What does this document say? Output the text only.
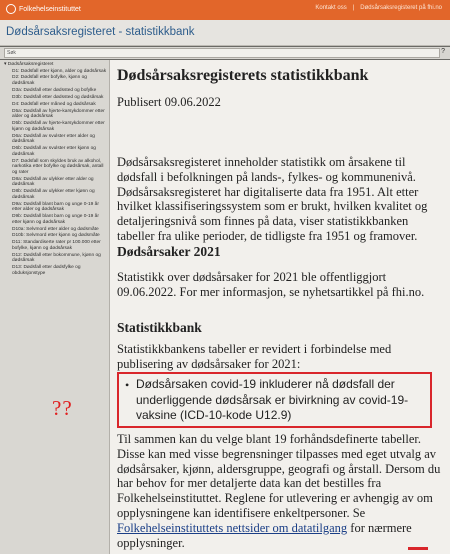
Folkehelseinstituttet	Kontakt oss | Dødsårsaksregisteret på fhi.no
Dødsårsaksregisteret - statistikkbank
Søk
?
▾ Dødsårsaksregisteret
D1: Dødsfall etter kjønn, alder og dødsårsak
D2: Dødsfall etter bofylke, kjønn og dødsårsak
D3a: Dødsfall etter dødssted og bofylke
D3b: Dødsfall etter dødssted og dødsårsak
D4: Dødsfall etter måned og dødsårsak
D5a: Dødsfall av hjerte-karsykdommer etter alder og dødsårsak
D5b: Dødsfall av hjerte-karsykdommer etter kjønn og dødsårsak
D6a: Dødsfall av svulster etter alder og dødsårsak
D6b: Dødsfall av svulster etter kjønn og dødsårsak
D7: Dødsfall som skyldes bruk av alkohol, narkotika etter bofylke og dødsårsak, antall og rater
D8a: Dødsfall av ulykker etter alder og dødsårsak
D8b: Dødsfall av ulykker etter kjønn og dødsårsak
D9a: Dødsfall blant barn og unge 0-19 år etter alder og dødsårsak
D9b: Dødsfall blant barn og unge 0-19 år etter kjønn og dødsårsak
D10a: Selvmord etter alder og dødsmåte
D10b: Selvmord etter kjønn og dødsmåte
D11: Standardiserte rater pr 100.000 etter bofylke, kjønn og dødsårsak
D12: Dødsfall etter bokommune, kjønn og dødsårsak
D13: Dødsfall etter dødsfylke og obduksjonstype
??
Dødsårsaksregisterets statistikkbank
Publisert 09.06.2022
Dødsårsaksregisteret inneholder statistikk om årsakene til dødsfall i befolkningen på lands-, fylkes- og kommunenivå. Dødsårsaksregisteret har digitaliserte data fra 1951. Alt etter hvilket klassifiseringssystem som er brukt, hvilken kvalitet og detaljeringsnivå som finnes på data, viser statistikkbanken tabeller fra ulike perioder, de tidligste fra 1951 og framover.
Dødsårsaker 2021
Statistikk over dødsårsaker for 2021 ble offentliggjort 09.06.2022. For mer informasjon, se nyhetsartikkel på fhi.no.
Statistikkbank
Statistikkbankens tabeller er revidert i forbindelse med publisering av dødsårsaker for 2021:
• Dødsårsaken covid-19 inkluderer nå dødsfall der underliggende dødsårsak er bivirkning av covid-19-vaksine (ICD-10-kode U12.9)
Til sammen kan du velge blant 19 forhåndsdefinerte tabeller. Disse kan med visse begrensninger tilpasses med eget utvalg av dødsårsaker, kjønn, aldersgruppe, geografi og årstall. Dersom du har behov for mer detaljerte data kan det bestilles fra Folkehelseinstituttet. Reglene for utlevering er avhengig av om opplysningene kan identifisere enkeltpersoner. Se Folkehelseinstituttets nettsider om datatilgang for nærmere opplysninger.
